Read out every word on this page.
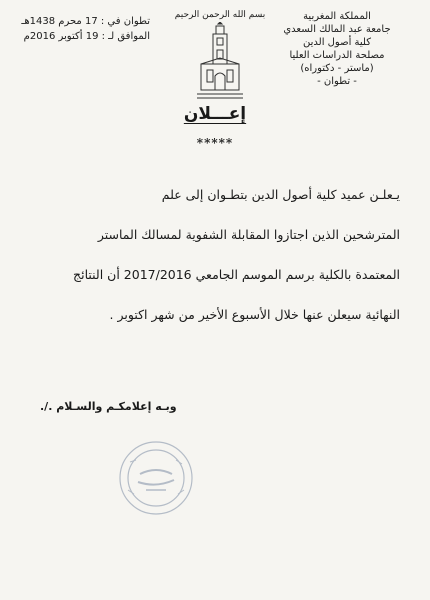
المملكة المغربية
جامعة عبد المالك السعدي
كلية أصول الدين
مصلحة الدراسات العليا
(ماستر - دكتوراه)
- تطوان -
بسم الله الرحمن الرحيم
تطوان في : 17 محرم 1438هـ
الموافق لـ : 19 أكتوبر 2016م
إعـــلان
*****
يـعلـن عميد كلية أصول الدين بتطـوان إلى علم
المترشحين الذين اجتازوا المقابلة الشفوية لمسالك الماستر
المعتمدة بالكلية برسم الموسم الجامعي 2017/2016 أن النتائج
النهائية سيعلن عنها خلال الأسبوع الأخير من شهر اكتوبر .
وبـه إعلامكـم والسـلام ./.
